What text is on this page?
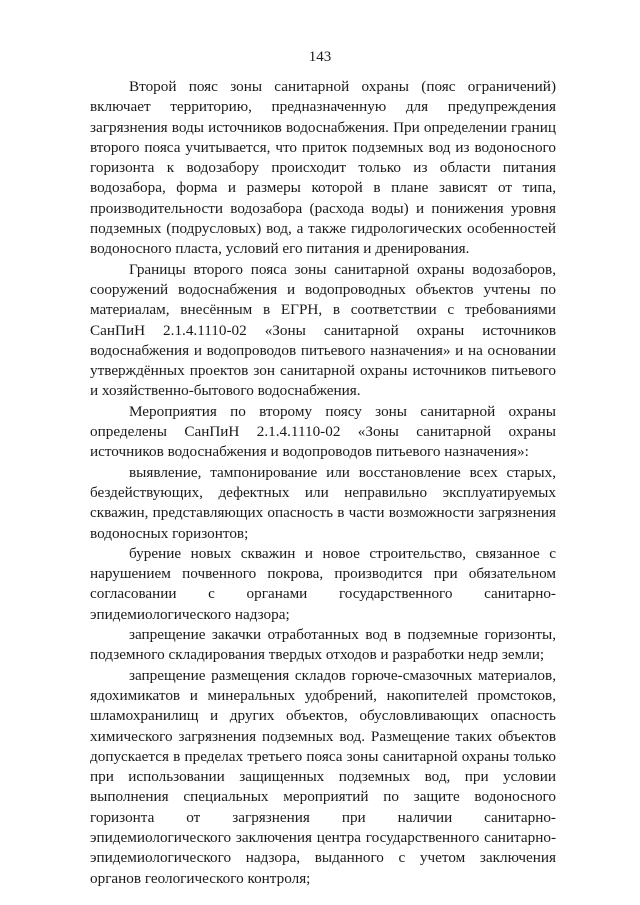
143

Второй пояс зоны санитарной охраны (пояс ограничений) включает территорию, предназначенную для предупреждения загрязнения воды источников водоснабжения. При определении границ второго пояса учитывается, что приток подземных вод из водоносного горизонта к водозабору происходит только из области питания водозабора, форма и размеры которой в плане зависят от типа, производительности водозабора (расхода воды) и понижения уровня подземных (подрусловых) вод, а также гидрологических особенностей водоносного пласта, условий его питания и дренирования.

Границы второго пояса зоны санитарной охраны водозаборов, сооружений водоснабжения и водопроводных объектов учтены по материалам, внесённым в ЕГРН, в соответствии с требованиями СанПиН 2.1.4.1110-02 «Зоны санитарной охраны источников водоснабжения и водопроводов питьевого назначения» и на основании утверждённых проектов зон санитарной охраны источников питьевого и хозяйственно-бытового водоснабжения.

Мероприятия по второму поясу зоны санитарной охраны определены СанПиН 2.1.4.1110-02 «Зоны санитарной охраны источников водоснабжения и водопроводов питьевого назначения»:

выявление, тампонирование или восстановление всех старых, бездействующих, дефектных или неправильно эксплуатируемых скважин, представляющих опасность в части возможности загрязнения водоносных горизонтов;

бурение новых скважин и новое строительство, связанное с нарушением почвенного покрова, производится при обязательном согласовании с органами государственного санитарно-эпидемиологического надзора;

запрещение закачки отработанных вод в подземные горизонты, подземного складирования твердых отходов и разработки недр земли;

запрещение размещения складов горюче-смазочных материалов, ядохимикатов и минеральных удобрений, накопителей промстоков, шламохранилищ и других объектов, обусловливающих опасность химического загрязнения подземных вод. Размещение таких объектов допускается в пределах третьего пояса зоны санитарной охраны только при использовании защищенных подземных вод, при условии выполнения специальных мероприятий по защите водоносного горизонта от загрязнения при наличии санитарно-эпидемиологического заключения центра государственного санитарно-эпидемиологического надзора, выданного с учетом заключения органов геологического контроля;
